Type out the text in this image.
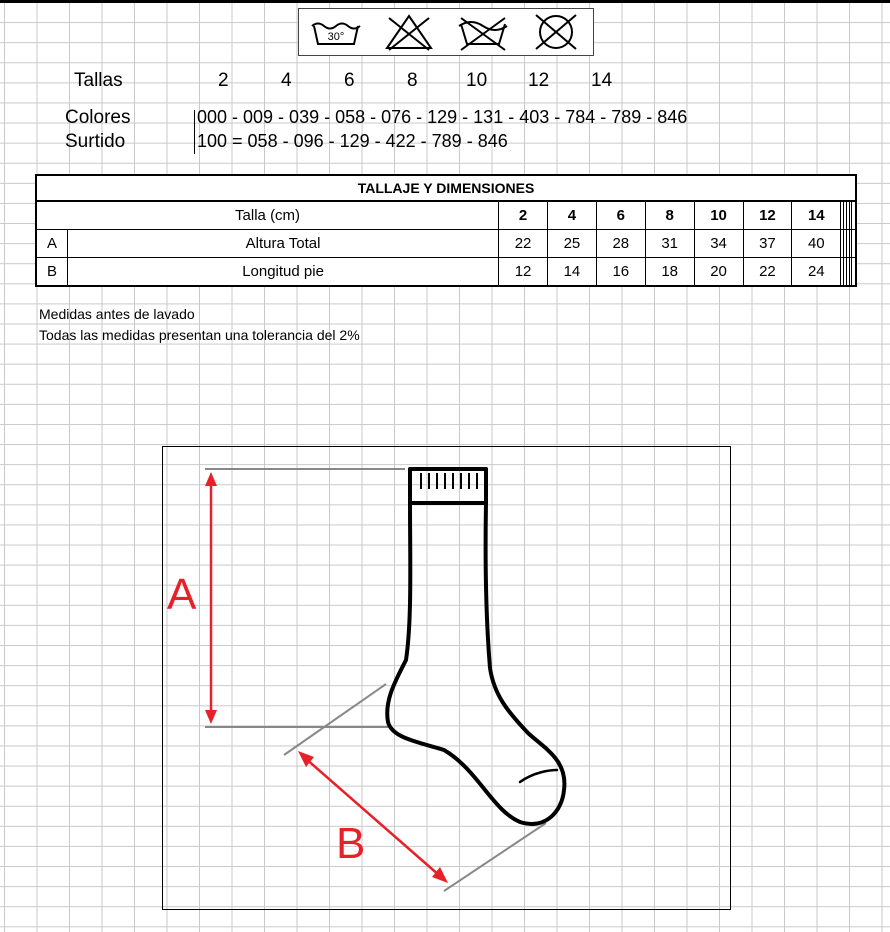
30°
Tallas	2	4	6	8	10 12 14
Colores	000 - 009 - 039 - 058 - 076 - 129 - 131 - 403 - 784 - 789 - 846
Surtido	100 = 058 - 096 - 129 - 422 - 789 - 846
TALLAJE Y DIMENSIONES													
Talla (cm)		2	4	6	8	10	12	14					
A	Altura Total	22	25	28	31	34	37	40					
B	Longitud pie	12	14	16	18	20	22	24					
Medidas antes de lavado
Todas las medidas presentan una tolerancia del 2%
A
B
